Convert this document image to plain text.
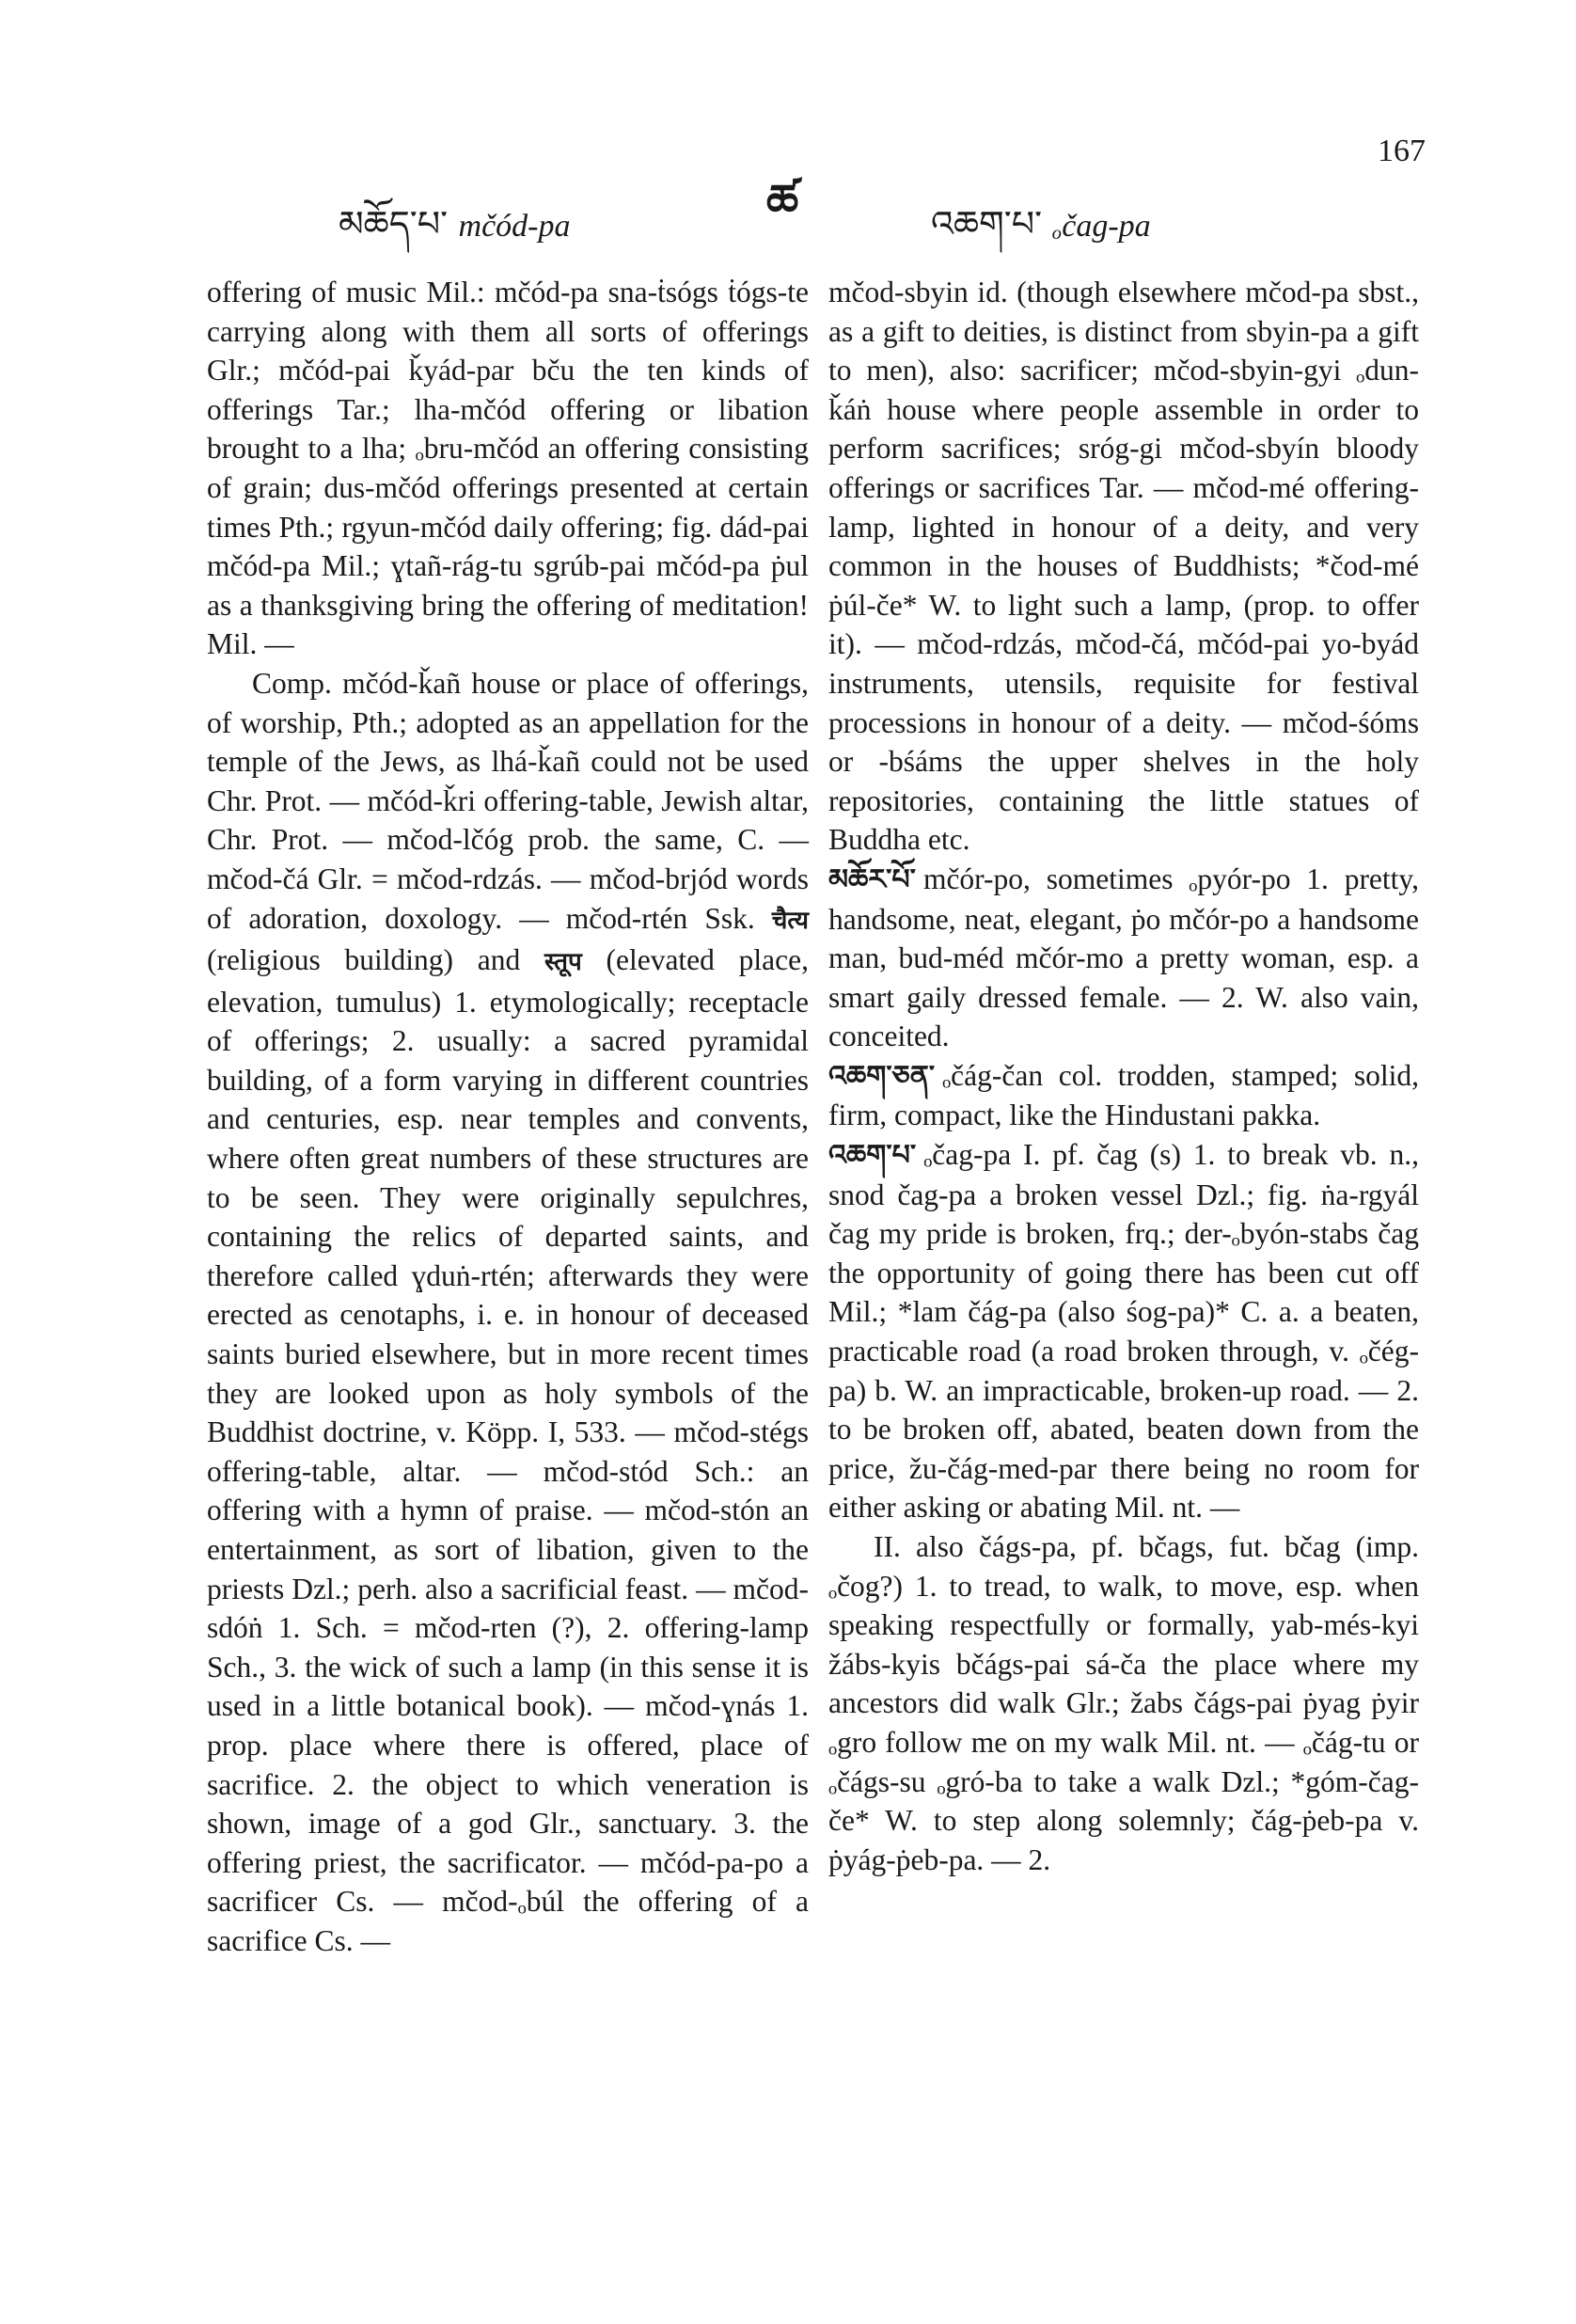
167
ཚ
མཆོད་པ་ mčód-pa	འཆག་པ་ ₒčag-pa

offering of music Mil.: mčód-pa sna-ṫsógs ṫógs-te carrying along with them all sorts of offerings Glr.; mčód-pai ǩyád-par bču the ten kinds of offerings Tar.; lha-mčód offering or libation brought to a lha; ₒbru-mčód an offering consisting of grain; dus-mčód offerings presented at certain times Pth.; rgyun-mčód daily offering; fig. dád-pai mčód-pa Mil.; ɣtañ-rág-tu sgrúb-pai mčód-pa ṗul as a thanksgiving bring the offering of meditation! Mil. —

Comp. mčód-ǩañ house or place of offerings, of worship, Pth.; adopted as an appellation for the temple of the Jews, as lhá-ǩañ could not be used Chr. Prot. — mčód-ǩri offering-table, Jewish altar, Chr. Prot. — mčod-lčóg prob. the same, C. — mčod-čá Glr. = mčod-rdzás. — mčod-brjód words of adoration, doxology. — mčod-rtén Ssk. चैत्य (religious building) and स्तूप (elevated place, elevation, tumulus) 1. etymologically; receptacle of offerings; 2. usually: a sacred pyramidal building, of a form varying in different countries and centuries, esp. near temples and convents, where often great numbers of these structures are to be seen. They were originally sepulchres, containing the relics of departed saints, and therefore called ɣduṅ-rtén; afterwards they were erected as cenotaphs, i. e. in honour of deceased saints buried elsewhere, but in more recent times they are looked upon as holy symbols of the Buddhist doctrine, v. Köpp. I, 533. — mčod-stégs offering-table, altar. — mčod-stód Sch.: an offering with a hymn of praise. — mčod-stón an entertainment, as sort of libation, given to the priests Dzl.; perh. also a sacrificial feast. — mčod-sdóṅ 1. Sch. = mčod-rten (?), 2. offering-lamp Sch., 3. the wick of such a lamp (in this sense it is used in a little botanical book). — mčod-ɣnás 1. prop. place where there is offered, place of sacrifice. 2. the object to which veneration is shown, image of a god Glr., sanctuary. 3. the offering priest, the sacrificator. — mčód-pa-po a sacrificer Cs. — mčod-ₒbúl the offering of a sacrifice Cs. —

mčod-sbyin id. (though elsewhere mčod-pa sbst., as a gift to deities, is distinct from sbyin-pa a gift to men), also: sacrificer; mčod-sbyin-gyi ₒdun-ǩáṅ house where people assemble in order to perform sacrifices; sróg-gi mčod-sbyín bloody offerings or sacrifices Tar. — mčod-mé offering-lamp, lighted in honour of a deity, and very common in the houses of Buddhists; *čod-mé ṗúl-če* W. to light such a lamp, (prop. to offer it). — mčod-rdzás, mčod-čá, mčód-pai yo-byád instruments, utensils, requisite for festival processions in honour of a deity. — mčod-śóms or -bśáms the upper shelves in the holy repositories, containing the little statues of Buddha etc.

མཆོར་པོ་ mčór-po, sometimes ₒpyór-po 1. pretty, handsome, neat, elegant, ṗo mčór-po a handsome man, bud-méd mčór-mo a pretty woman, esp. a smart gaily dressed female. — 2. W. also vain, conceited.

འཆག་ཅན་ ₒčág-čan col. trodden, stamped; solid, firm, compact, like the Hindustani pakka.

འཆག་པ་ ₒčag-pa I. pf. čag (s) 1. to break vb. n., snod čag-pa a broken vessel Dzl.; fig. ṅa-rgyál čag my pride is broken, frq.; der-ₒbyón-stabs čag the opportunity of going there has been cut off Mil.; *lam čág-pa (also śog-pa)* C. a. a beaten, practicable road (a road broken through, v. ₒčég-pa) b. W. an impracticable, broken-up road. — 2. to be broken off, abated, beaten down from the price, žu-čág-med-par there being no room for either asking or abating Mil. nt. —

II. also čágs-pa, pf. bčags, fut. bčag (imp. ₒčog?) 1. to tread, to walk, to move, esp. when speaking respectfully or formally, yab-més-kyi žábs-kyis bčágs-pai sá-ča the place where my ancestors did walk Glr.; žabs čágs-pai ṗyag ṗyir ₒgro follow me on my walk Mil. nt. — ₒčág-tu or ₒčágs-su ₒgró-ba to take a walk Dzl.; *góm-čag-če* W. to step along solemnly; čág-ṗeb-pa v. ṗyág-ṗeb-pa. — 2.
